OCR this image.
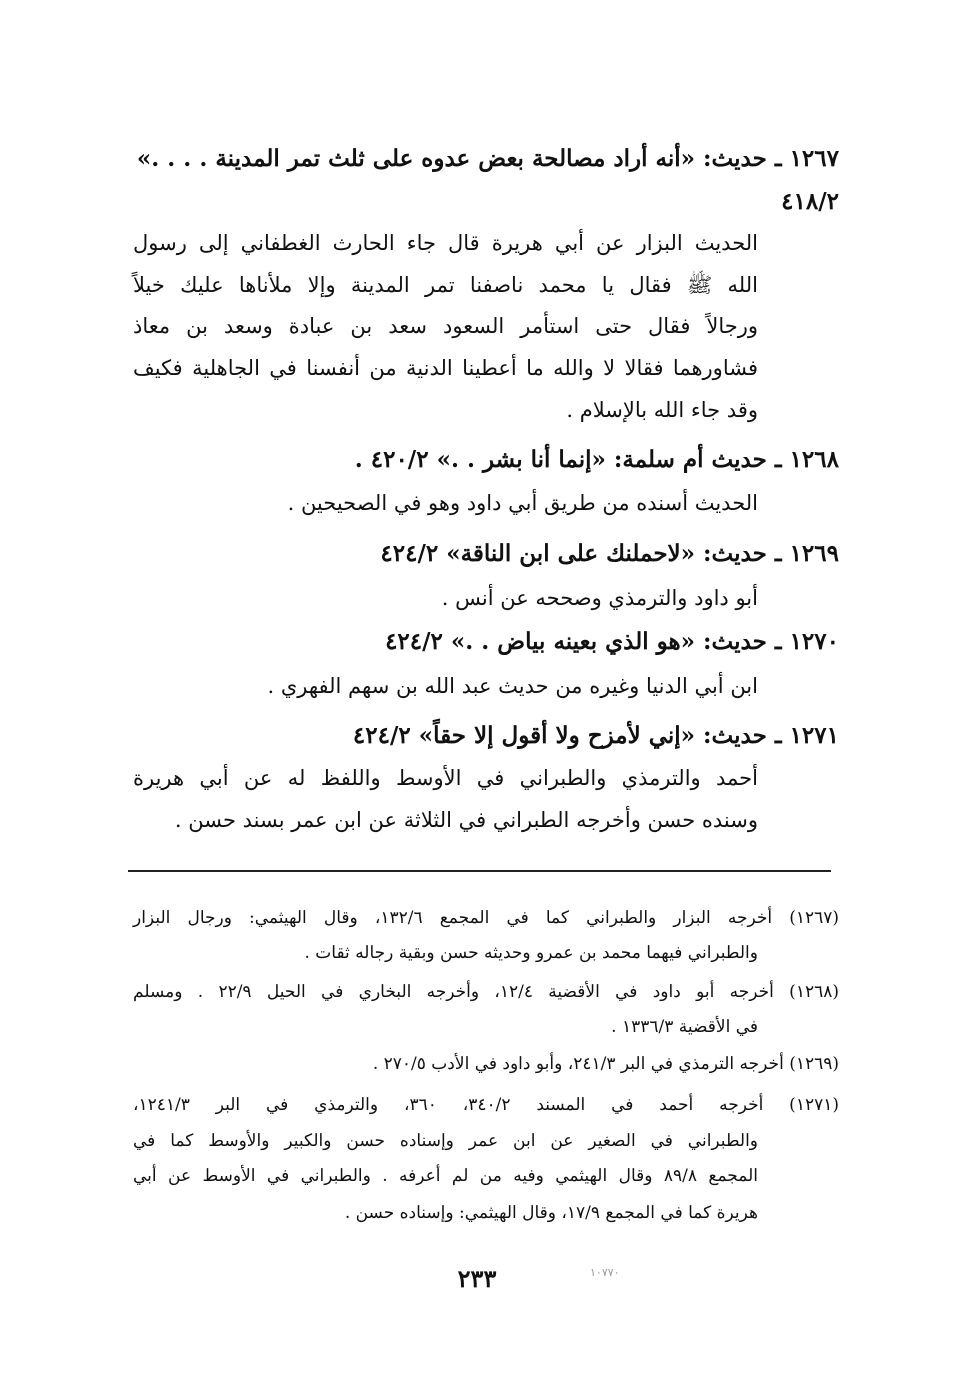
١٢٦٧ ـ حديث: «أنه أراد مصالحة بعض عدوه على ثلث تمر المدينة . . . .»
٤١٨/٢
الحديث البزار عن أبي هريرة قال جاء الحارث الغطفاني إلى رسول
الله ﷺ فقال يا محمد ناصفنا تمر المدينة وإلا ملأناها عليك خيلاً
ورجالاً فقال حتى استأمر السعود سعد بن عبادة وسعد بن معاذ
فشاورهما فقالا لا والله ما أعطينا الدنية من أنفسنا في الجاهلية فكيف
وقد جاء الله بالإسلام .
١٢٦٨ ـ حديث أم سلمة: «إنما أنا بشر . .» ٤٢٠/٢ .
الحديث أسنده من طريق أبي داود وهو في الصحيحين .
١٢٦٩ ـ حديث: «لاحملنك على ابن الناقة» ٤٢٤/٢
أبو داود والترمذي وصححه عن أنس .
١٢٧٠ ـ حديث: «هو الذي بعينه بياض . .» ٤٢٤/٢
ابن أبي الدنيا وغيره من حديث عبد الله بن سهم الفهري .
١٢٧١ ـ حديث: «إني لأمزح ولا أقول إلا حقاً» ٤٢٤/٢
أحمد والترمذي والطبراني في الأوسط واللفظ له عن أبي هريرة
وسنده حسن وأخرجه الطبراني في الثلاثة عن ابن عمر بسند حسن .
(١٢٦٧) أخرجه البزار والطبراني كما في المجمع ١٣٢/٦، وقال الهيثمي: ورجال البزار
والطبراني فيهما محمد بن عمرو وحديثه حسن وبقية رجاله ثقات .
(١٢٦٨) أخرجه أبو داود في الأقضية ١٢/٤، وأخرجه البخاري في الحيل ٢٢/٩ . ومسلم
في الأقضية ١٣٣٦/٣ .
(١٢٦٩) أخرجه الترمذي في البر ٢٤١/٣، وأبو داود في الأدب ٢٧٠/٥ .
(١٢٧١) أخرجه أحمد في المسند ٣٤٠/٢، ٣٦٠، والترمذي في البر ١٢٤١/٣،
والطبراني في الصغير عن ابن عمر وإسناده حسن والكبير والأوسط كما في
المجمع ٨٩/٨ وقال الهيثمي وفيه من لم أعرفه . والطبراني في الأوسط عن أبي
هريرة كما في المجمع ١٧/٩، وقال الهيثمي: وإسناده حسن .
٢٣٣	١٠٧٧٠
